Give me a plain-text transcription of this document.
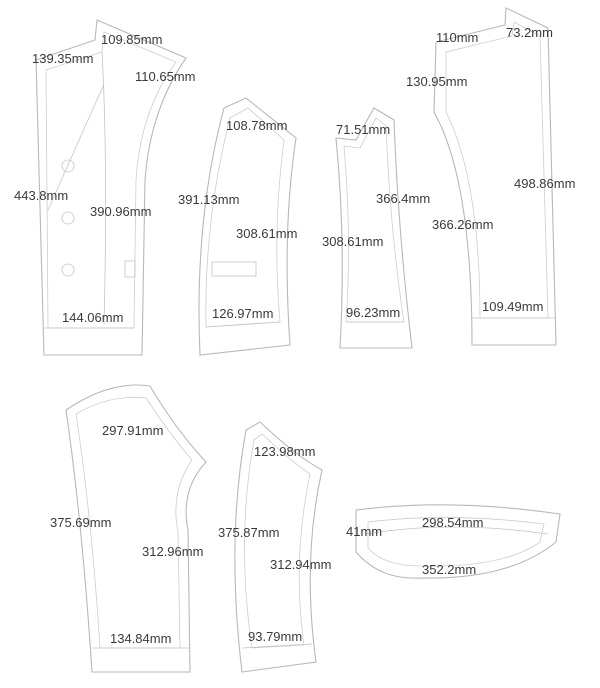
109.85mm
139.35mm
110.65mm
443.8mm
390.96mm
144.06mm
108.78mm
391.13mm
308.61mm
126.97mm
71.51mm
366.4mm
308.61mm
96.23mm
110mm 73.2mm
130.95mm
498.86mm
366.26mm
109.49mm
297.91mm
375.69mm
312.96mm
134.84mm
123.98mm
375.87mm
312.94mm
93.79mm
298.54mm
41mm
352.2mm
